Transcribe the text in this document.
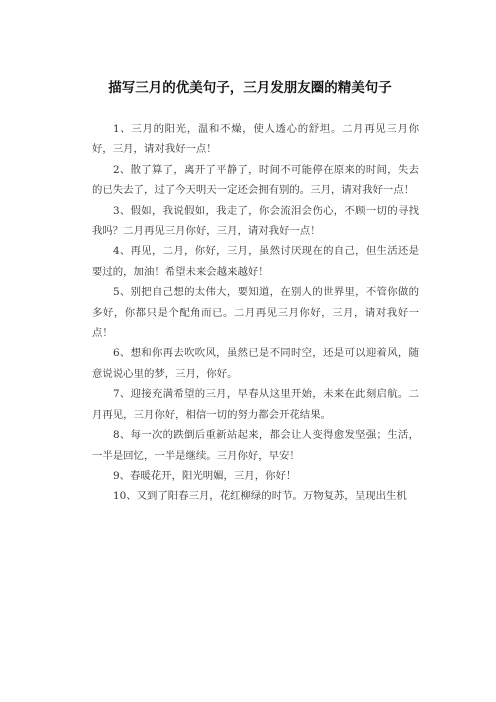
描写三月的优美句子，三月发朋友圈的精美句子

1、三月的阳光，温和不燥，使人透心的舒坦。二月再见三月你好，三月，请对我好一点！

2、散了算了，离开了平静了，时间不可能停在原来的时间，失去的已失去了，过了今天明天一定还会拥有别的。三月，请对我好一点！

3、假如，我说假如，我走了，你会流泪会伤心，不顾一切的寻找我吗？二月再见三月你好，三月，请对我好一点！

4、再见，二月，你好，三月，虽然讨厌现在的自己，但生活还是要过的，加油！希望未来会越来越好！

5、别把自己想的太伟大，要知道，在别人的世界里，不管你做的多好，你都只是个配角而已。二月再见三月你好，三月，请对我好一点！

6、想和你再去吹吹风，虽然已是不同时空，还是可以迎着风，随意说说心里的梦，三月，你好。

7、迎接充满希望的三月，早春从这里开始，未来在此刻启航。二月再见，三月你好，相信一切的努力都会开花结果。

8、每一次的跌倒后重新站起来，都会让人变得愈发坚强；生活，一半是回忆，一半是继续。三月你好，早安！

9、春暖花开，阳光明媚，三月，你好！

10、又到了阳春三月，花红柳绿的时节。万物复苏，呈现出生机
